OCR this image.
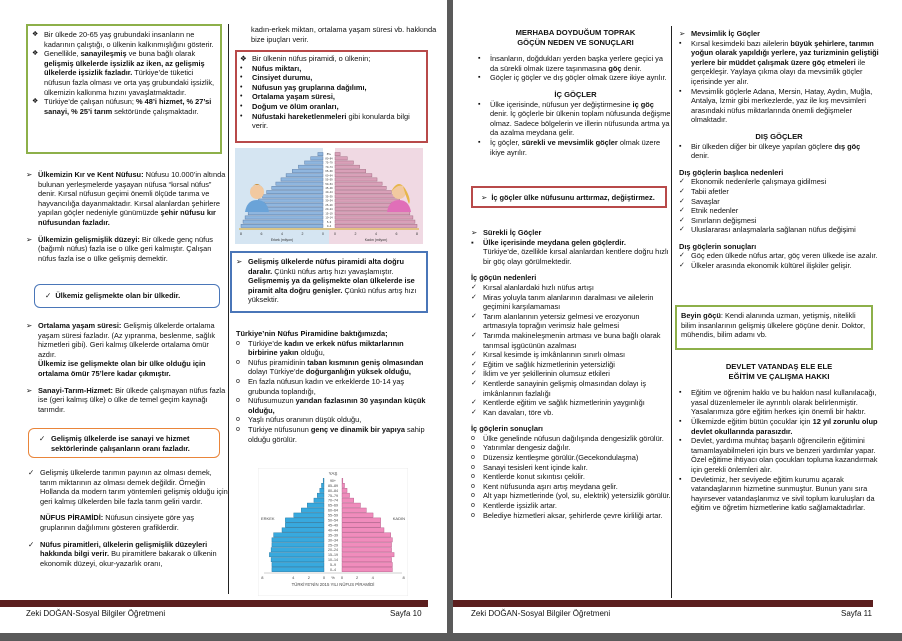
❖ Bir ülkede 20-65 yaş grubundaki insanların ne kadarının çalıştığı, o ülkenin kalkınmışlığını gösterir.
❖ Genellikle, sanayileşmiş ve buna bağlı olarak gelişmiş ülkelerde işsizlik az iken, az gelişmiş ülkelerde işsizlik fazladır. Türkiye’de tüketici nüfusun fazla olması ve orta yaş grubundaki işsizlik, ülkemizin kalkınma hızını yavaşlatmaktadır.
❖ Türkiye’de çalışan nüfusun; % 48’i hizmet, % 27’si sanayi, % 25’i tarım sektöründe çalışmaktadır.
➢ Ülkemizin Kır ve Kent Nüfusu: Nüfusu 10.000’in altında bulunan yerleşmelerde yaşayan nüfusa “kırsal nüfus” denir. Kırsal nüfusun geçimi önemli ölçüde tarıma ve hayvancılığa dayanmaktadır. Kırsal alanlardan şehirlere yapılan göçler nedeniyle günümüzde şehir nüfusu kır nüfusundan fazladır.
➢ Ülkemizin gelişmişlik düzeyi: Bir ülkede genç nüfus (bağımlı nüfus) fazla ise o ülke geri kalmıştır. Çalışan nüfus fazla ise o ülke gelişmiş demektir.
✓ Ülkemiz gelişmekte olan bir ülkedir.
➢ Ortalama yaşam süresi: Gelişmiş ülkelerde ortalama yaşam süresi fazladır. (Az yıpranma, beslenme, sağlık hizmetleri gibi). Geri kalmış ülkelerde ortalama ömür azdır.
Ülkemiz ise gelişmekte olan bir ülke olduğu için ortalama ömür 75’lere kadar çıkmıştır.
➢ Sanayi-Tarım-Hizmet: Bir ülkede çalışmayan nüfus fazla ise (geri kalmış ülke) o ülke de temel geçim kaynağı tarımdır.
✓ Gelişmiş ülkelerde ise sanayi ve hizmet sektörlerinde çalışanların oranı fazladır.
✓ Gelişmiş ülkelerde tarımın payının az olması demek, tarım miktarının az olması demek değildir. Örneğin Hollanda da modern tarım yöntemleri gelişmiş olduğu için geri kalmış ülkelerden bile fazla tarım geliri vardır.
NÜFUS PİRAMİDİ: Nüfusun cinsiyete göre yaş gruplarının dağılımını gösteren grafiklerdir.
✓ Nüfus piramitleri, ülkelerin gelişmişlik düzeyleri hakkında bilgi verir. Bu piramitlere bakarak o ülkenin ekonomik düzeyi, okur-yazarlık oranı,
kadın-erkek miktarı, ortalama yaşam süresi vb. hakkında bize ipuçları verir.
❖ Bir ülkenin nüfus piramidi, o ülkenin;
• Nüfus miktarı,
• Cinsiyet durumu,
• Nüfusun yaş gruplarına dağılımı,
• Ortalama yaşam süresi,
• Doğum ve ölüm oranları,
• Nüfustaki hareketlenmeleri gibi konularda bilgi verir.
85+
80–84
75–79
70–74
65–69
60–64
55–59
50–54
45–49
40–44
35–39
30–34
25–29
20–24
15–19
10–14
5–9
0–4
8	8
6	6
4	4
2	2
0	0
Erkek (milyon)	Kadın (milyon)
➢ Gelişmiş ülkelerde nüfus piramidi alta doğru daralır. Çünkü nüfus artış hızı yavaşlamıştır. Gelişmemiş ya da gelişmekte olan ülkelerde ise piramit alta doğru genişler. Çünkü nüfus artış hızı yüksektir.
Türkiye’nin Nüfus Piramidine baktığımızda;
o Türkiye’de kadın ve erkek nüfus miktarlarının birbirine yakın olduğu,
o Nüfus piramidinin taban kısmının geniş olmasından dolayı Türkiye’de doğurganlığın yüksek olduğu,
o En fazla nüfusun kadın ve erkeklerde 10-14 yaş grubunda toplandığı,
o Nüfusumuzun yarıdan fazlasının 30 yaşından küçük olduğu,
o Yaşlı nüfus oranının düşük olduğu,
o Türkiye nüfusunun genç ve dinamik bir yapıya sahip olduğu görülür.
YAŞ
90+
85–89
80–84
75–79
70–74
65–69
60–64
55–59
50–54
45–49
40–44
35–39
30–34
25–29
20–24
15–19
10–14
5–9
0–4
ERKEK	KADIN
8	4	2	0 % 0	2	4	8
TÜRKİYE’NİN 2015 YILI NÜFUS PİRAMİDİ
Zeki DOĞAN-Sosyal Bilgiler Öğretmeni	Sayfa 10
MERHABA DOYDUĞUM TOPRAK
GÖÇÜN NEDEN VE SONUÇLARI
▪ İnsanların, doğdukları yerden başka yerlere geçici ya da sürekli olmak üzere taşınmasına göç denir.
▪ Göçler iç göçler ve dış göçler olmak üzere ikiye ayrılır.
İÇ GÖÇLER
▪ Ülke içerisinde, nüfusun yer değiştirmesine iç göç denir. İç göçlerle bir ülkenin toplam nüfusunda değişme olmaz. Sadece bölgelerin ve illerin nüfusunda artma ya da azalma meydana gelir.
▪ İç göçler, sürekli ve mevsimlik göçler olmak üzere ikiye ayrılır.
➢ İç göçler ülke nüfusunu arttırmaz, değiştirmez.
➢ Sürekli İç Göçler
▪ Ülke içerisinde meydana gelen göçlerdir.
Türkiye’de, özellikle kırsal alanlardan kentlere doğru hızlı bir göç olayı görülmektedir.
İç göçün nedenleri
✓ Kırsal alanlardaki hızlı nüfus artışı
✓ Miras yoluyla tarım alanlarının daralması ve ailelerin geçimini karşılamaması
✓ Tarım alanlarının yetersiz gelmesi ve erozyonun artmasıyla toprağın verimsiz hale gelmesi
✓ Tarımda makineleşmenin artması ve buna bağlı olarak tarımsal işgücünün azalması
✓ Kırsal kesimde iş imkânlarının sınırlı olması
✓ Eğitim ve sağlık hizmetlerinin yetersizliği
✓ İklim ve yer şekillerinin olumsuz etkileri
✓ Kentlerde sanayinin gelişmiş olmasından dolayı iş imkânlarının fazlalığı
✓ Kentlerde eğitim ve sağlık hizmetlerinin yaygınlığı
✓ Kan davaları, töre vb.
İç göçlerin sonuçları
o Ülke genelinde nüfusun dağılışında dengesizlik görülür.
o Yatırımlar dengesiz dağılır.
o Düzensiz kentleşme görülür.(Gecekondulaşma)
o Sanayi tesisleri kent içinde kalır.
o Kentlerde konut sıkıntısı çekilir.
o Kent nüfusunda aşırı artış meydana gelir.
o Alt yapı hizmetlerinde (yol, su, elektrik) yetersizlik görülür.
o Kentlerde işsizlik artar.
o Belediye hizmetleri aksar, şehirlerde çevre kirliliği artar.
➢ Mevsimlik İç Göçler
▪ Kırsal kesimdeki bazı ailelerin büyük şehirlere, tarımın yoğun olarak yapıldığı yerlere, yaz turizminin geliştiği yerlere bir müddet çalışmak üzere göç etmeleri ile gerçekleşir. Yaylaya çıkma olayı da mevsimlik göçler içerisinde yer alır.
▪ Mevsimlik göçlerle Adana, Mersin, Hatay, Aydın, Muğla, Antalya, İzmir gibi merkezlerde, yaz ile kış mevsimleri arasındaki nüfus miktarlarında önemli değişmeler olmaktadır.
DIŞ GÖÇLER
▪ Bir ülkeden diğer bir ülkeye yapılan göçlere dış göç denir.
Dış göçlerin başlıca nedenleri
✓ Ekonomik nedenlerle çalışmaya gidilmesi
✓ Tabii afetler
✓ Savaşlar
✓ Etnik nedenler
✓ Sınırların değişmesi
✓ Uluslararası anlaşmalarla sağlanan nüfus değişimi
Dış göçlerin sonuçları
✓ Göç eden ülkede nüfus artar, göç veren ülkede ise azalır.
✓ Ülkeler arasında ekonomik kültürel ilişkiler gelişir.
Beyin göçü: Kendi alanında uzman, yetişmiş, nitelikli bilim insanlarının gelişmiş ülkelere göçüne denir. Doktor, mühendis, bilim adamı vb.
DEVLET VATANDAŞ ELE ELE
EĞİTİM VE ÇALIŞMA HAKKI
▪ Eğitim ve öğrenim hakkı ve bu hakkın nasıl kullanılacağı, yasal düzenlemeler ile ayrıntılı olarak belirlenmiştir. Yasalarımıza göre eğitim herkes için önemli bir haktır.
▪ Ülkemizde eğitim bütün çocuklar için 12 yıl zorunlu olup devlet okullarında parasızdır.
▪ Devlet, yardıma muhtaç başarılı öğrencilerin eğitimini tamamlayabilmeleri için burs ve benzeri yardımlar yapar. Özel eğitime ihtiyacı olan çocukları topluma kazandırmak için gerekli önlemleri alır.
▪ Devletimiz, her seviyede eğitim kurumu açarak vatandaşlarının hizmetine sunmuştur. Bunun yanı sıra hayırsever vatandaşlarımız ve sivil toplum kuruluşları da eğitim ve öğretim hizmetlerine katkı sağlamaktadırlar.
Zeki DOĞAN-Sosyal Bilgiler Öğretmeni	Sayfa 11
